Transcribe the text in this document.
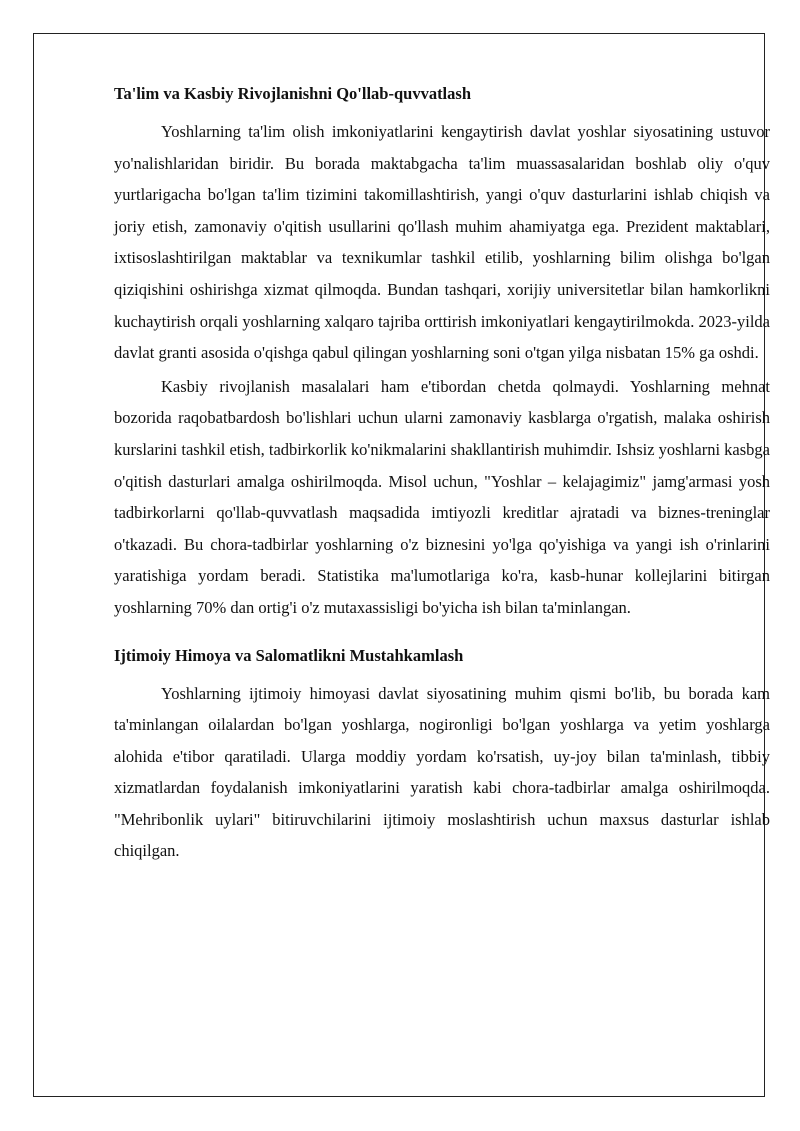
Ta'lim va Kasbiy Rivojlanishni Qo'llab-quvvatlash

Yoshlarning ta'lim olish imkoniyatlarini kengaytirish davlat yoshlar siyosatining ustuvor yo'nalishlaridan biridir. Bu borada maktabgacha ta'lim muassasalaridan boshlab oliy o'quv yurtlarigacha bo'lgan ta'lim tizimini takomillashtirish, yangi o'quv dasturlarini ishlab chiqish va joriy etish, zamonaviy o'qitish usullarini qo'llash muhim ahamiyatga ega. Prezident maktablari, ixtisoslashtirilgan maktablar va texnikumlar tashkil etilib, yoshlarning bilim olishga bo'lgan qiziqishini oshirishga xizmat qilmoqda. Bundan tashqari, xorijiy universitetlar bilan hamkorlikni kuchaytirish orqali yoshlarning xalqaro tajriba orttirish imkoniyatlari kengaytirilmokda. 2023-yilda davlat granti asosida o'qishga qabul qilingan yoshlarning soni o'tgan yilga nisbatan 15% ga oshdi.

Kasbiy rivojlanish masalalari ham e'tibordan chetda qolmaydi. Yoshlarning mehnat bozorida raqobatbardosh bo'lishlari uchun ularni zamonaviy kasblarga o'rgatish, malaka oshirish kurslarini tashkil etish, tadbirkorlik ko'nikmalarini shakllantirish muhimdir. Ishsiz yoshlarni kasbga o'qitish dasturlari amalga oshirilmoqda. Misol uchun, "Yoshlar – kelajagimiz" jamg'armasi yosh tadbirkorlarni qo'llab-quvvatlash maqsadida imtiyozli kreditlar ajratadi va biznes-treninglar o'tkazadi. Bu chora-tadbirlar yoshlarning o'z biznesini yo'lga qo'yishiga va yangi ish o'rinlarini yaratishiga yordam beradi. Statistika ma'lumotlariga ko'ra, kasb-hunar kollejlarini bitirgan yoshlarning 70% dan ortig'i o'z mutaxassisligi bo'yicha ish bilan ta'minlangan.

Ijtimoiy Himoya va Salomatlikni Mustahkamlash

Yoshlarning ijtimoiy himoyasi davlat siyosatining muhim qismi bo'lib, bu borada kam ta'minlangan oilalardan bo'lgan yoshlarga, nogironligi bo'lgan yoshlarga va yetim yoshlarga alohida e'tibor qaratiladi. Ularga moddiy yordam ko'rsatish, uy-joy bilan ta'minlash, tibbiy xizmatlardan foydalanish imkoniyatlarini yaratish kabi chora-tadbirlar amalga oshirilmoqda. "Mehribonlik uylari" bitiruvchilarini ijtimoiy moslashtirish uchun maxsus dasturlar ishlab chiqilgan.
